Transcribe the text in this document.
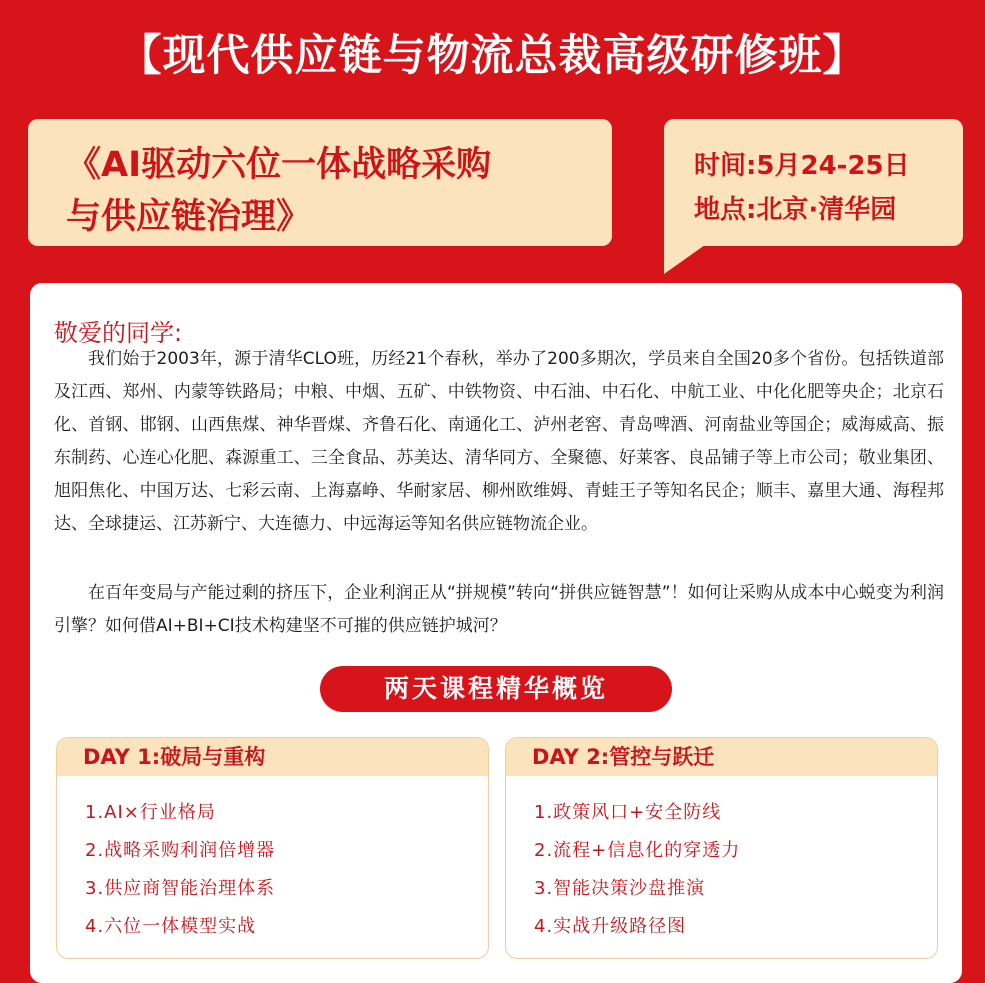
【现代供应链与物流总裁高级研修班】
《AI驱动六位一体战略采购
与供应链治理》
时间:5月24-25日
地点:北京·清华园
敬爱的同学:

我们始于2003年，源于清华CLO班，历经21个春秋，举办了200多期次，学员来自全国20多个省份。包括铁道部及江西、郑州、内蒙等铁路局；中粮、中烟、五矿、中铁物资、中石油、中石化、中航工业、中化化肥等央企；北京石化、首钢、邯钢、山西焦煤、神华晋煤、齐鲁石化、南通化工、泸州老窖、青岛啤酒、河南盐业等国企；威海威高、振东制药、心连心化肥、森源重工、三全食品、苏美达、清华同方、全聚德、好莱客、良品铺子等上市公司；敬业集团、旭阳焦化、中国万达、七彩云南、上海嘉峥、华耐家居、柳州欧维姆、青蛙王子等知名民企；顺丰、嘉里大通、海程邦达、全球捷运、江苏新宁、大连德力、中远海运等知名供应链物流企业。

在百年变局与产能过剩的挤压下，企业利润正从“拼规模”转向“拼供应链智慧”！如何让采购从成本中心蜕变为利润引擎？如何借AI+BI+CI技术构建坚不可摧的供应链护城河？

两天课程精华概览
DAY 1:破局与重构
1.AI×行业格局
2.战略采购利润倍增器
3.供应商智能治理体系
4.六位一体模型实战
DAY 2:管控与跃迁
1.政策风口+安全防线
2.流程+信息化的穿透力
3.智能决策沙盘推演
4.实战升级路径图
